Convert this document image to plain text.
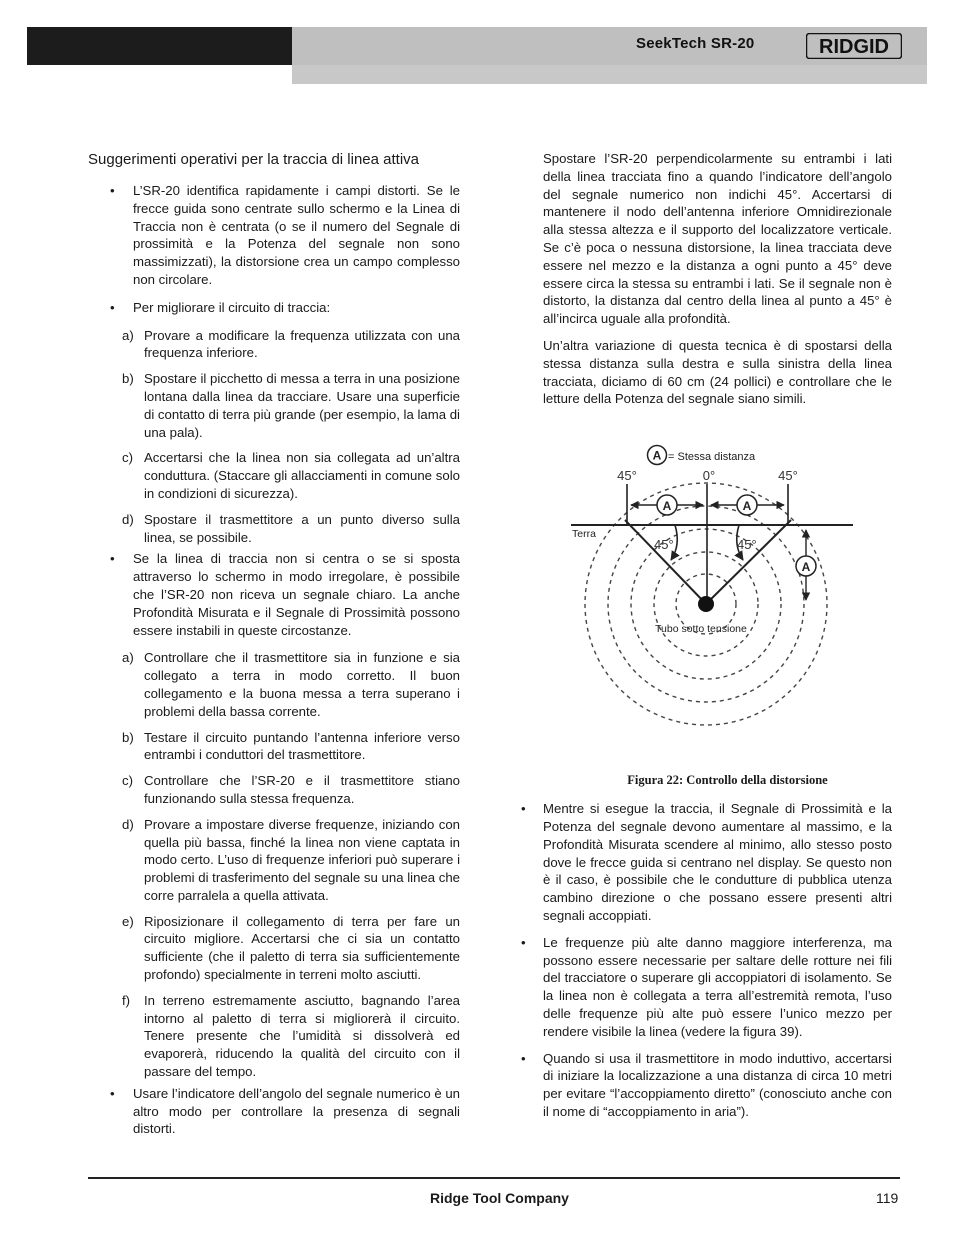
SeekTech SR-20	RIDGID
Suggerimenti operativi per la traccia di linea attiva
• L’SR-20 identifica rapidamente i campi distorti. Se le frecce guida sono centrate sullo schermo e la Linea di Traccia non è centrata (o se il numero del Segnale di prossimità e la Potenza del segnale non sono massimizzati), la distorsione crea un campo complesso non circolare.
• Per migliorare il circuito di traccia:
a) Provare a modificare la frequenza utilizzata con una frequenza inferiore.
b) Spostare il picchetto di messa a terra in una posizione lontana dalla linea da tracciare. Usare una superficie di contatto di terra più grande (per esempio, la lama di una pala).
c) Accertarsi che la linea non sia collegata ad un’altra conduttura. (Staccare gli allacciamenti in comune solo in condizioni di sicurezza).
d) Spostare il trasmettitore a un punto diverso sulla linea, se possibile.
• Se la linea di traccia non si centra o se si sposta attraverso lo schermo in modo irregolare, è possibile che l’SR-20 non riceva un segnale chiaro. La anche Profondità Misurata e il Segnale di Prossimità possono essere instabili in queste circostanze.
a) Controllare che il trasmettitore sia in funzione e sia collegato a terra in modo corretto. Il buon collegamento e la buona messa a terra superano i problemi della bassa corrente.
b) Testare il circuito puntando l’antenna inferiore verso entrambi i conduttori del trasmettitore.
c) Controllare che l’SR-20 e il trasmettitore stiano funzionando sulla stessa frequenza.
d) Provare a impostare diverse frequenze, iniziando con quella più bassa, finché la linea non viene captata in modo certo. L’uso di frequenze inferiori può superare i problemi di trasferimento del segnale su una linea che corre parralela a quella attivata.
e) Riposizionare il collegamento di terra per fare un circuito migliore. Accertarsi che ci sia un contatto sufficiente (che il paletto di terra sia sufficientemente profondo) specialmente in terreni molto asciutti.
f) In terreno estremamente asciutto, bagnando l’area intorno al paletto di terra si migliorerà il circuito. Tenere presente che l’umidità si dissolverà ed evaporerà, riducendo la qualità del circuito con il passare del tempo.
• Usare l’indicatore dell’angolo del segnale numerico è un altro modo per controllare la presenza di segnali distorti.

Spostare l’SR-20 perpendicolarmente su entrambi i lati della linea tracciata fino a quando l’indicatore dell’angolo del segnale numerico non indichi 45°. Accertarsi di mantenere il nodo dell’antenna inferiore Omnidirezionale alla stessa altezza e il supporto del localizzatore verticale. Se c’è poca o nessuna distorsione, la linea tracciata deve essere nel mezzo e la distanza a ogni punto a 45° deve essere circa la stessa su entrambi i lati. Se il segnale non è distorto, la distanza dal centro della linea al punto a 45° è all’incirca uguale alla profondità.

Un’altra variazione di questa tecnica è di spostarsi della stessa distanza sulla destra e sulla sinistra della linea tracciata, diciamo di 60 cm (24 pollici) e controllare che le letture della Potenza del segnale siano simili.

A = Stessa distanza
Terra
45°	0°	45°
A	A
A
45°	45°
Tubo sotto tensione
Figura 22: Controllo della distorsione
• Mentre si esegue la traccia, il Segnale di Prossimità e la Potenza del segnale devono aumentare al massimo, e la Profondità Misurata scendere al minimo, allo stesso posto dove le frecce guida si centrano nel display. Se questo non è il caso, è possibile che le condutture di pubblica utenza cambino direzione o che possano essere presenti altri segnali accoppiati.
• Le frequenze più alte danno maggiore interferenza, ma possono essere necessarie per saltare delle rotture nei fili del tracciatore o superare gli accoppiatori di isolamento. Se la linea non è collegata a terra all’estremità remota, l’uso delle frequenze più alte può essere l’unico mezzo per rendere visibile la linea (vedere la figura 39).
• Quando si usa il trasmettitore in modo induttivo, accertarsi di iniziare la localizzazione a una distanza di circa 10 metri per evitare “l’accoppiamento diretto” (conosciuto anche con il nome di “accoppiamento in aria”).
Ridge Tool Company	119
